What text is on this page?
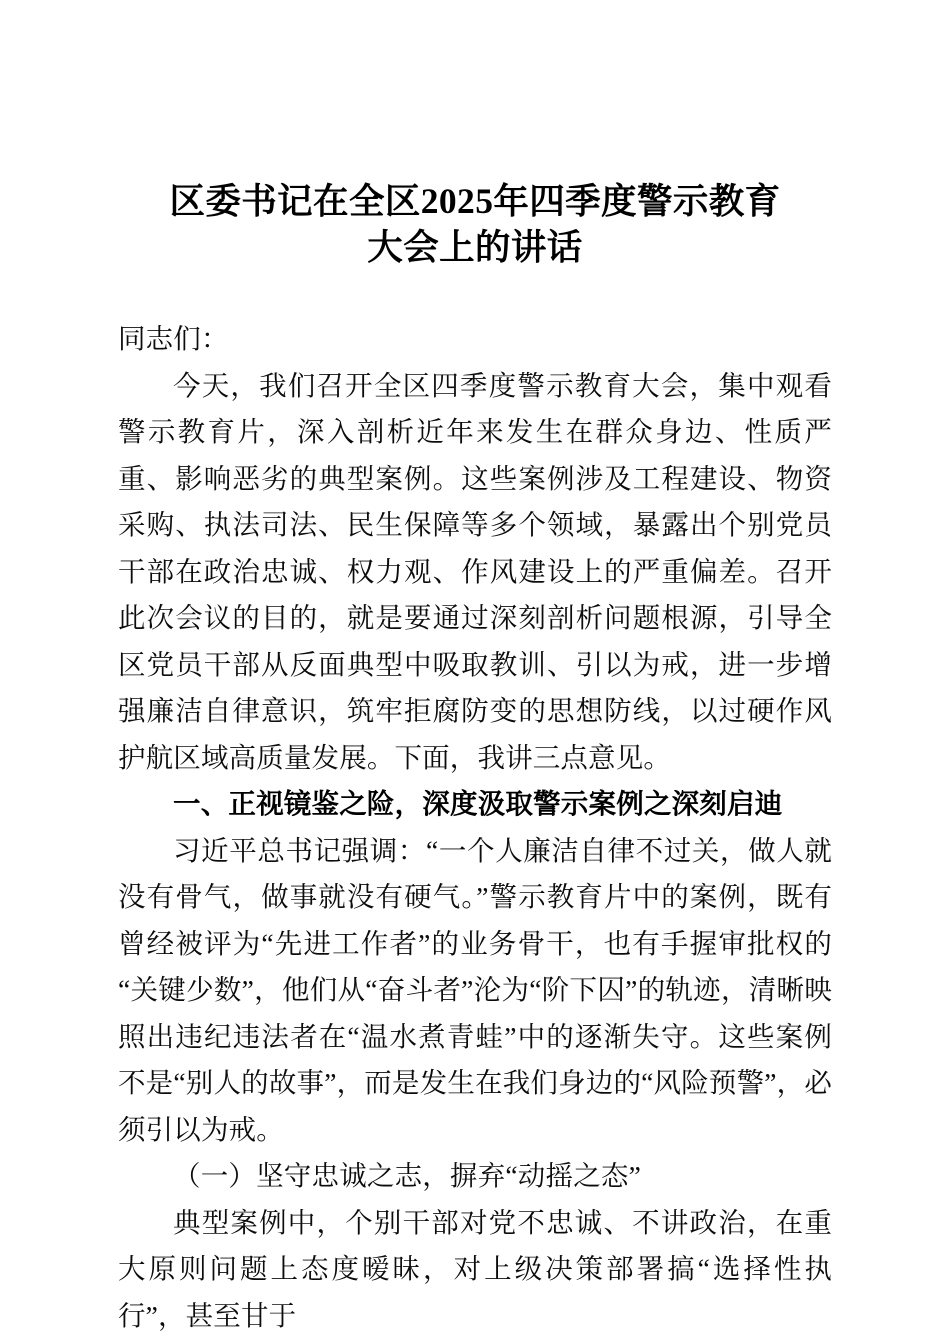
区委书记在全区2025年四季度警示教育
大会上的讲话

同志们：

今天，我们召开全区四季度警示教育大会，集中观看警示教育片，深入剖析近年来发生在群众身边、性质严重、影响恶劣的典型案例。这些案例涉及工程建设、物资采购、执法司法、民生保障等多个领域，暴露出个别党员干部在政治忠诚、权力观、作风建设上的严重偏差。召开此次会议的目的，就是要通过深刻剖析问题根源，引导全区党员干部从反面典型中吸取教训、引以为戒，进一步增强廉洁自律意识，筑牢拒腐防变的思想防线，以过硬作风护航区域高质量发展。下面，我讲三点意见。

一、正视镜鉴之险，深度汲取警示案例之深刻启迪

习近平总书记强调：“一个人廉洁自律不过关，做人就没有骨气，做事就没有硬气。”警示教育片中的案例，既有曾经被评为“先进工作者”的业务骨干，也有手握审批权的“关键少数”，他们从“奋斗者”沦为“阶下囚”的轨迹，清晰映照出违纪违法者在“温水煮青蛙”中的逐渐失守。这些案例不是“别人的故事”，而是发生在我们身边的“风险预警”，必须引以为戒。

（一）坚守忠诚之志，摒弃“动摇之态”

典型案例中，个别干部对党不忠诚、不讲政治，在重大原则问题上态度暧昧，对上级决策部署搞“选择性执行”，甚至甘于
